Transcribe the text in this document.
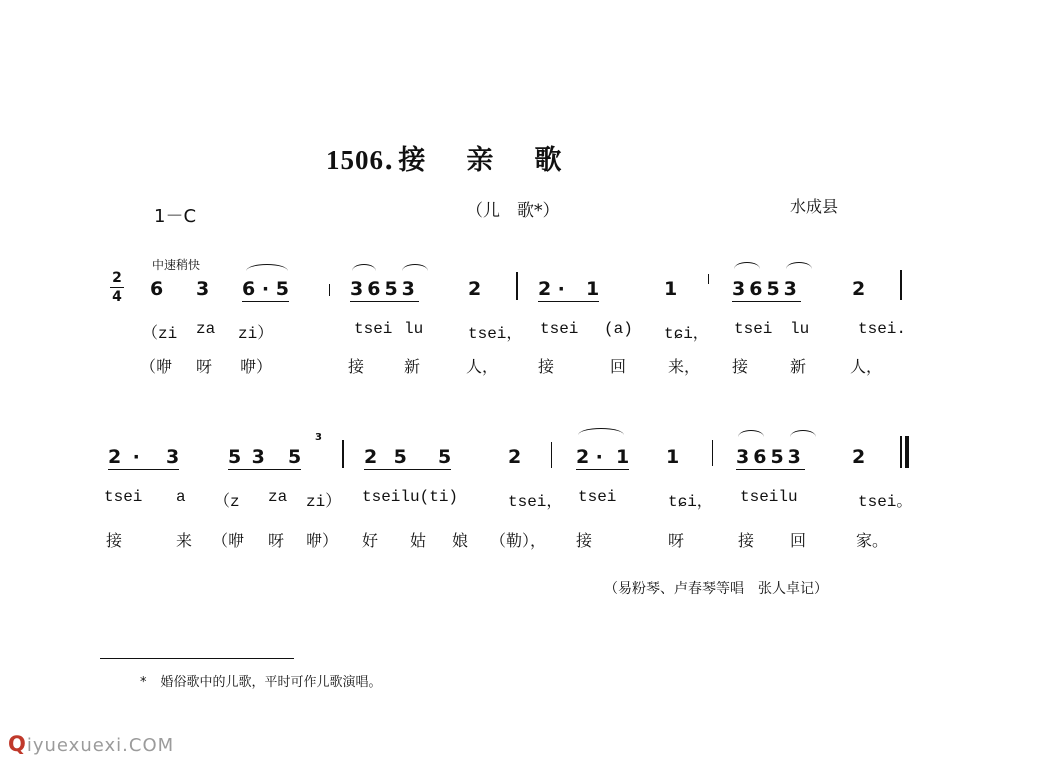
1506. 接 亲 歌
1－C	（儿　歌*）	水成县
中速稍快
2
4 6 3 6 · 5	3653	2	2 · 1	1	3653	2
（zi za zi）	tsei lu	tsei， tsei (a) tɕi， tsei lu	tsei.
（咿 呀 咿）	接 新	人， 接	回	来， 接	新	人，
2 · 3	5 3 5
3
2 5 5	2	2 · 1 1	3653 2
tsei a （z za zi） tseilu(ti)	tsei， tsei	tɕi， tseilu	tsei。
接	来 （咿 呀 咿） 好 姑 娘 （勒）， 接	呀	接 回	家。
（易粉琴、卢春琴等唱　张人卓记）
* 婚俗歌中的儿歌，平时可作儿歌演唱。
Qiyuexuexi.COM
